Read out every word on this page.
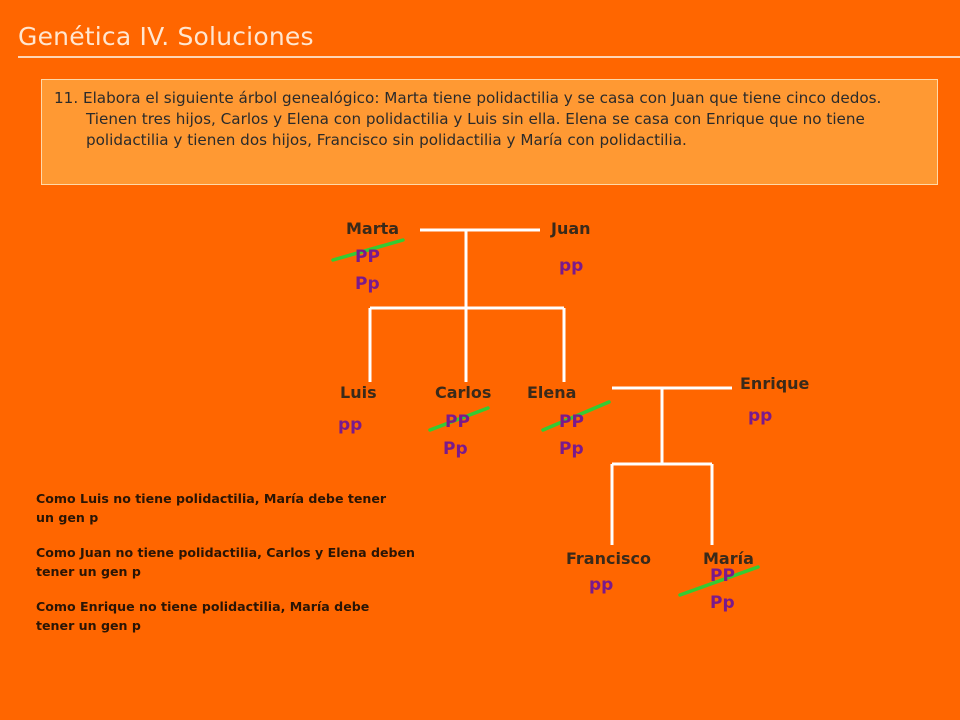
Genética IV. Soluciones

11. Elabora el siguiente árbol genealógico: Marta tiene polidactilia y se casa con Juan que tiene cinco dedos. Tienen tres hijos, Carlos y Elena con polidactilia y Luis sin ella. Elena se casa con Enrique que no tiene polidactilia y tienen dos hijos, Francisco sin polidactilia y María con polidactilia.

Marta
PP
Pp
Juan
pp
Luis
pp
Carlos
PP
Pp
Elena
PP
Pp
Enrique
pp
Francisco
pp
María
PP
Pp
Como Luis no tiene polidactilia, María debe tener un gen p
Como Juan no tiene polidactilia, Carlos y Elena deben tener un gen p
Como Enrique no tiene polidactilia, María debe tener un gen p
